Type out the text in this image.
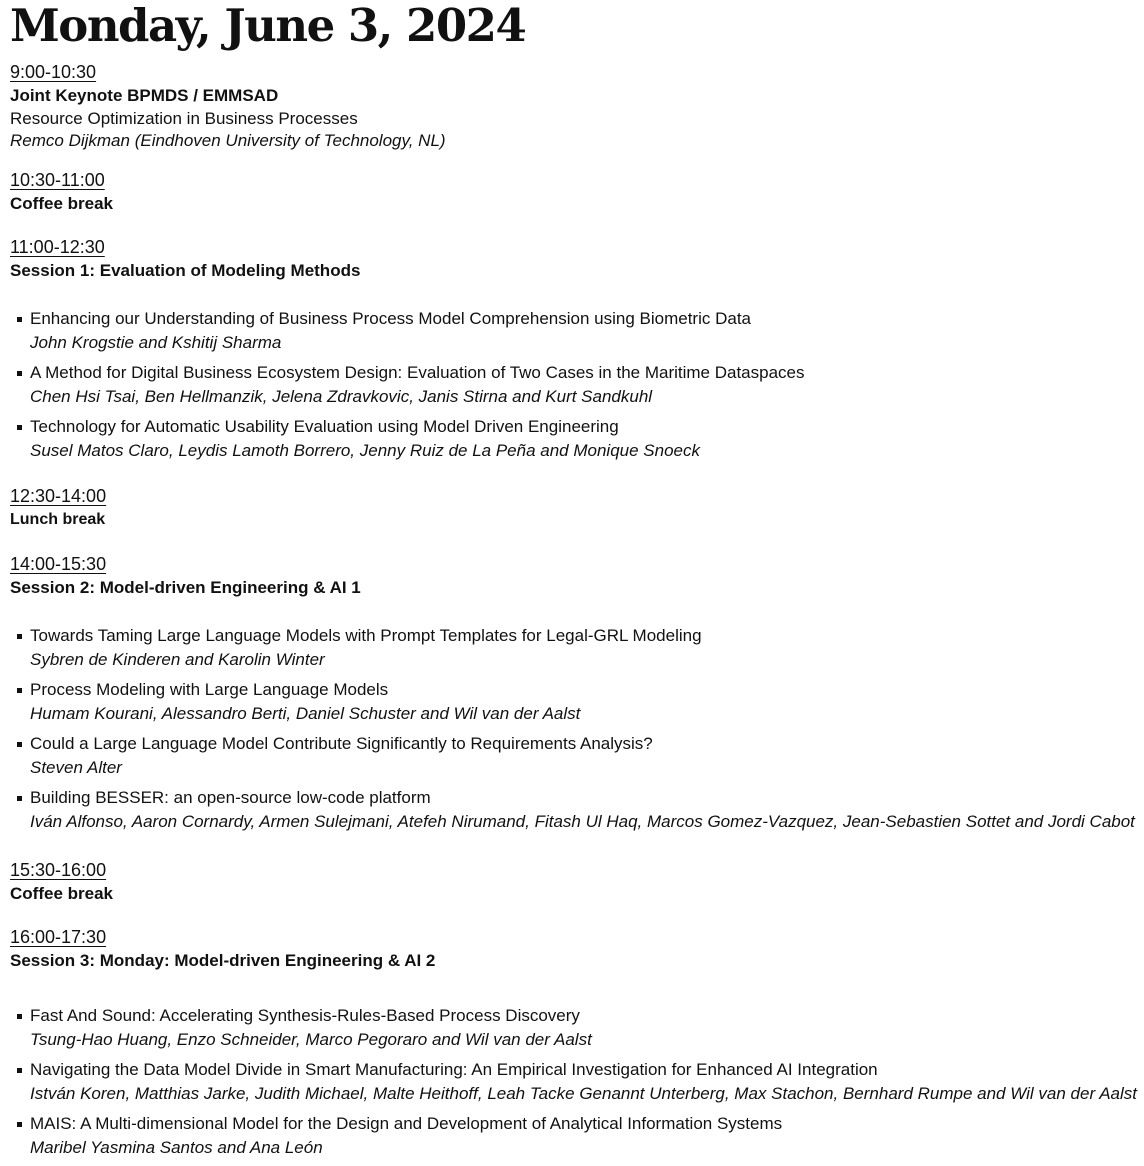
Monday, June 3, 2024
9:00-10:30
Joint Keynote BPMDS / EMMSAD
Resource Optimization in Business Processes
Remco Dijkman (Eindhoven University of Technology, NL)
10:30-11:00
Coffee break
11:00-12:30
Session 1: Evaluation of Modeling Methods
Enhancing our Understanding of Business Process Model Comprehension using Biometric Data
John Krogstie and Kshitij Sharma
A Method for Digital Business Ecosystem Design: Evaluation of Two Cases in the Maritime Dataspaces
Chen Hsi Tsai, Ben Hellmanzik, Jelena Zdravkovic, Janis Stirna and Kurt Sandkuhl
Technology for Automatic Usability Evaluation using Model Driven Engineering
Susel Matos Claro, Leydis Lamoth Borrero, Jenny Ruiz de La Peña and Monique Snoeck
12:30-14:00
Lunch break
14:00-15:30
Session 2: Model-driven Engineering & AI 1
Towards Taming Large Language Models with Prompt Templates for Legal-GRL Modeling
Sybren de Kinderen and Karolin Winter
Process Modeling with Large Language Models
Humam Kourani, Alessandro Berti, Daniel Schuster and Wil van der Aalst
Could a Large Language Model Contribute Significantly to Requirements Analysis?
Steven Alter
Building BESSER: an open-source low-code platform
Iván Alfonso, Aaron Cornardy, Armen Sulejmani, Atefeh Nirumand, Fitash Ul Haq, Marcos Gomez-Vazquez, Jean-Sebastien Sottet and Jordi Cabot
15:30-16:00
Coffee break
16:00-17:30
Session 3: Monday: Model-driven Engineering & AI 2
Fast And Sound: Accelerating Synthesis-Rules-Based Process Discovery
Tsung-Hao Huang, Enzo Schneider, Marco Pegoraro and Wil van der Aalst
Navigating the Data Model Divide in Smart Manufacturing: An Empirical Investigation for Enhanced AI Integration
István Koren, Matthias Jarke, Judith Michael, Malte Heithoff, Leah Tacke Genannt Unterberg, Max Stachon, Bernhard Rumpe and Wil van der Aalst
MAIS: A Multi-dimensional Model for the Design and Development of Analytical Information Systems
Maribel Yasmina Santos and Ana León
